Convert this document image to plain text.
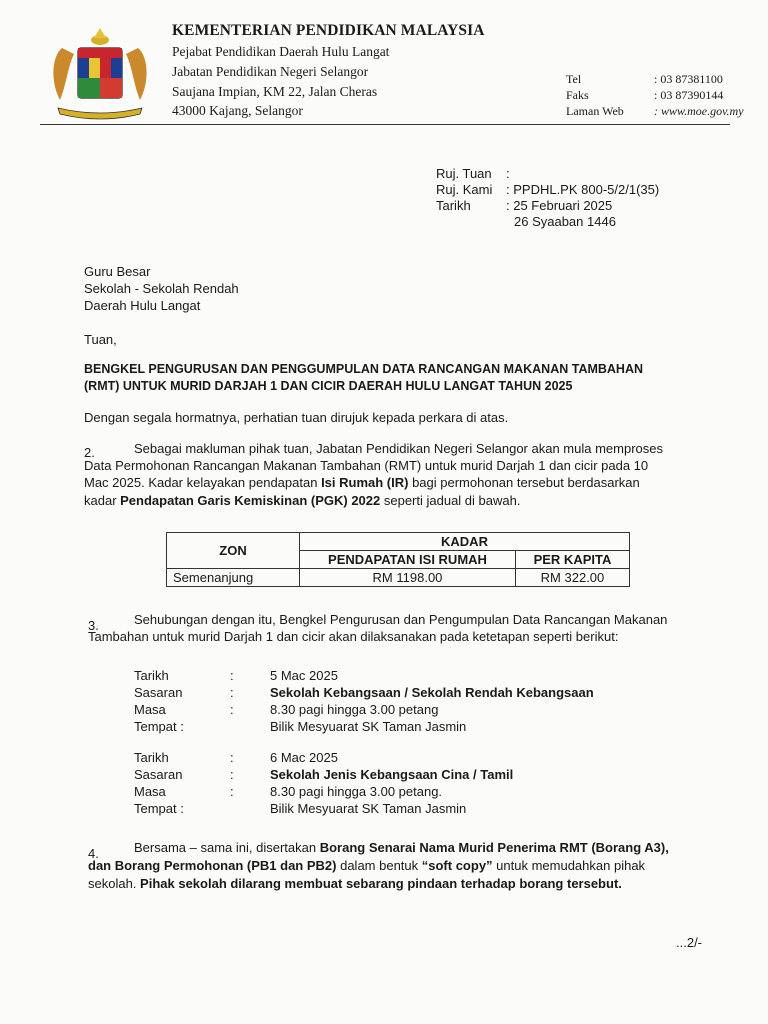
KEMENTERIAN PENDIDIKAN MALAYSIA
Pejabat Pendidikan Daerah Hulu Langat
Jabatan Pendidikan Negeri Selangor
Saujana Impian, KM 22, Jalan Cheras
43000 Kajang, Selangor
Tel	: 03 87381100
Faks	: 03 87390144
Laman Web	: www.moe.gov.my
Ruj. Tuan :
Ruj. Kami : PPDHL.PK 800-5/2/1(35)
Tarikh	: 25 Februari 2025
26 Syaaban 1446
Guru Besar
Sekolah - Sekolah Rendah
Daerah Hulu Langat
Tuan,
BENGKEL PENGURUSAN DAN PENGGUMPULAN DATA RANCANGAN MAKANAN TAMBAHAN
(RMT) UNTUK MURID DARJAH 1 DAN CICIR DAERAH HULU LANGAT TAHUN 2025
Dengan segala hormatnya, perhatian tuan dirujuk kepada perkara di atas.
2.	Sebagai makluman pihak tuan, Jabatan Pendidikan Negeri Selangor akan mula memproses
Data Permohonan Rancangan Makanan Tambahan (RMT) untuk murid Darjah 1 dan cicir pada 10
Mac 2025. Kadar kelayakan pendapatan Isi Rumah (IR) bagi permohonan tersebut berdasarkan
kadar Pendapatan Garis Kemiskinan (PGK) 2022 seperti jadual di bawah.
ZON	KADAR	
	PENDAPATAN ISI RUMAH	PER KAPITA
Semenanjung	RM 1198.00	RM 322.00
3.	Sehubungan dengan itu, Bengkel Pengurusan dan Pengumpulan Data Rancangan Makanan
Tambahan untuk murid Darjah 1 dan cicir akan dilaksanakan pada ketetapan seperti berikut:
Tarikh	:	5 Mac 2025
Sasaran	:	Sekolah Kebangsaan / Sekolah Rendah Kebangsaan
Masa	:	8.30 pagi hingga 3.00 petang
Tempat :	Bilik Mesyuarat SK Taman Jasmin
Tarikh	:	6 Mac 2025
Sasaran	:	Sekolah Jenis Kebangsaan Cina / Tamil
Masa	:	8.30 pagi hingga 3.00 petang.
Tempat :	Bilik Mesyuarat SK Taman Jasmin
4.	Bersama – sama ini, disertakan Borang Senarai Nama Murid Penerima RMT (Borang A3),
dan Borang Permohonan (PB1 dan PB2) dalam bentuk “soft copy” untuk memudahkan pihak
sekolah. Pihak sekolah dilarang membuat sebarang pindaan terhadap borang tersebut.
...2/-
